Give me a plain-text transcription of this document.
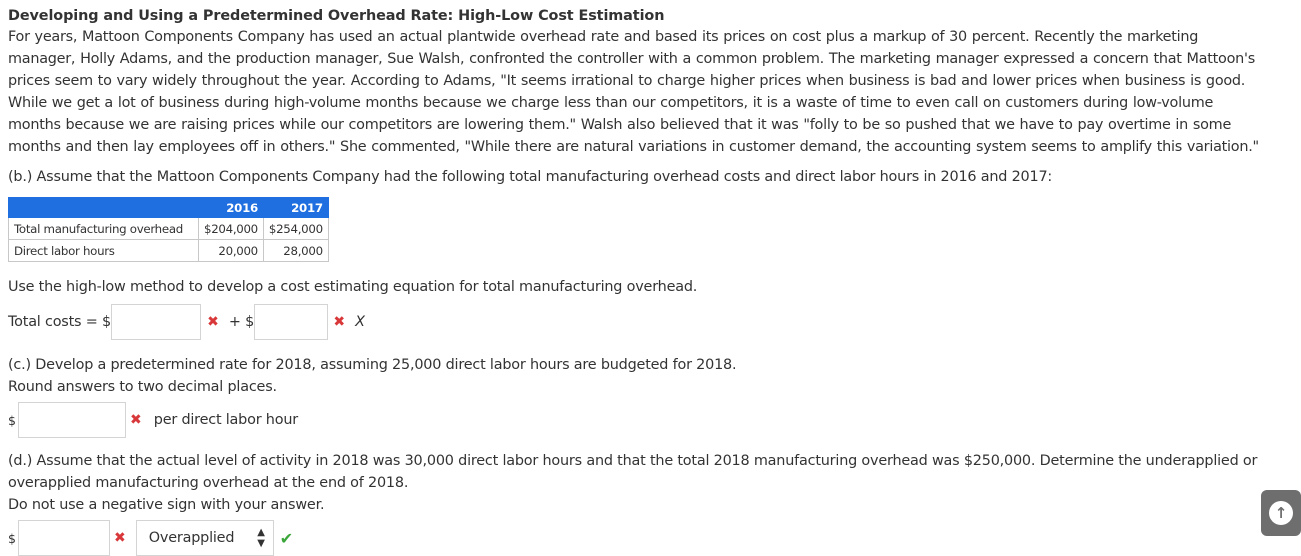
Developing and Using a Predetermined Overhead Rate: High-Low Cost Estimation

For years, Mattoon Components Company has used an actual plantwide overhead rate and based its prices on cost plus a markup of 30 percent. Recently the marketing manager, Holly Adams, and the production manager, Sue Walsh, confronted the controller with a common problem. The marketing manager expressed a concern that Mattoon's prices seem to vary widely throughout the year. According to Adams, "It seems irrational to charge higher prices when business is bad and lower prices when business is good. While we get a lot of business during high-volume months because we charge less than our competitors, it is a waste of time to even call on customers during low-volume months because we are raising prices while our competitors are lowering them." Walsh also believed that it was "folly to be so pushed that we have to pay overtime in some months and then lay employees off in others." She commented, "While there are natural variations in customer demand, the accounting system seems to amplify this variation."

(b.) Assume that the Mattoon Components Company had the following total manufacturing overhead costs and direct labor hours in 2016 and 2017:

	2016	2017
Total manufacturing overhead	$204,000	$254,000
Direct labor hours	20,000	28,000

Use the high-low method to develop a cost estimating equation for total manufacturing overhead.

Total costs = $	✖ + $	✖ X

(c.) Develop a predetermined rate for 2018, assuming 25,000 direct labor hours are budgeted for 2018.

Round answers to two decimal places.

$	✖ per direct labor hour

(d.) Assume that the actual level of activity in 2018 was 30,000 direct labor hours and that the total 2018 manufacturing overhead was $250,000. Determine the underapplied or overapplied manufacturing overhead at the end of 2018.

Do not use a negative sign with your answer.

$	✖ Overapplied ▲
▼ ✔
↑
